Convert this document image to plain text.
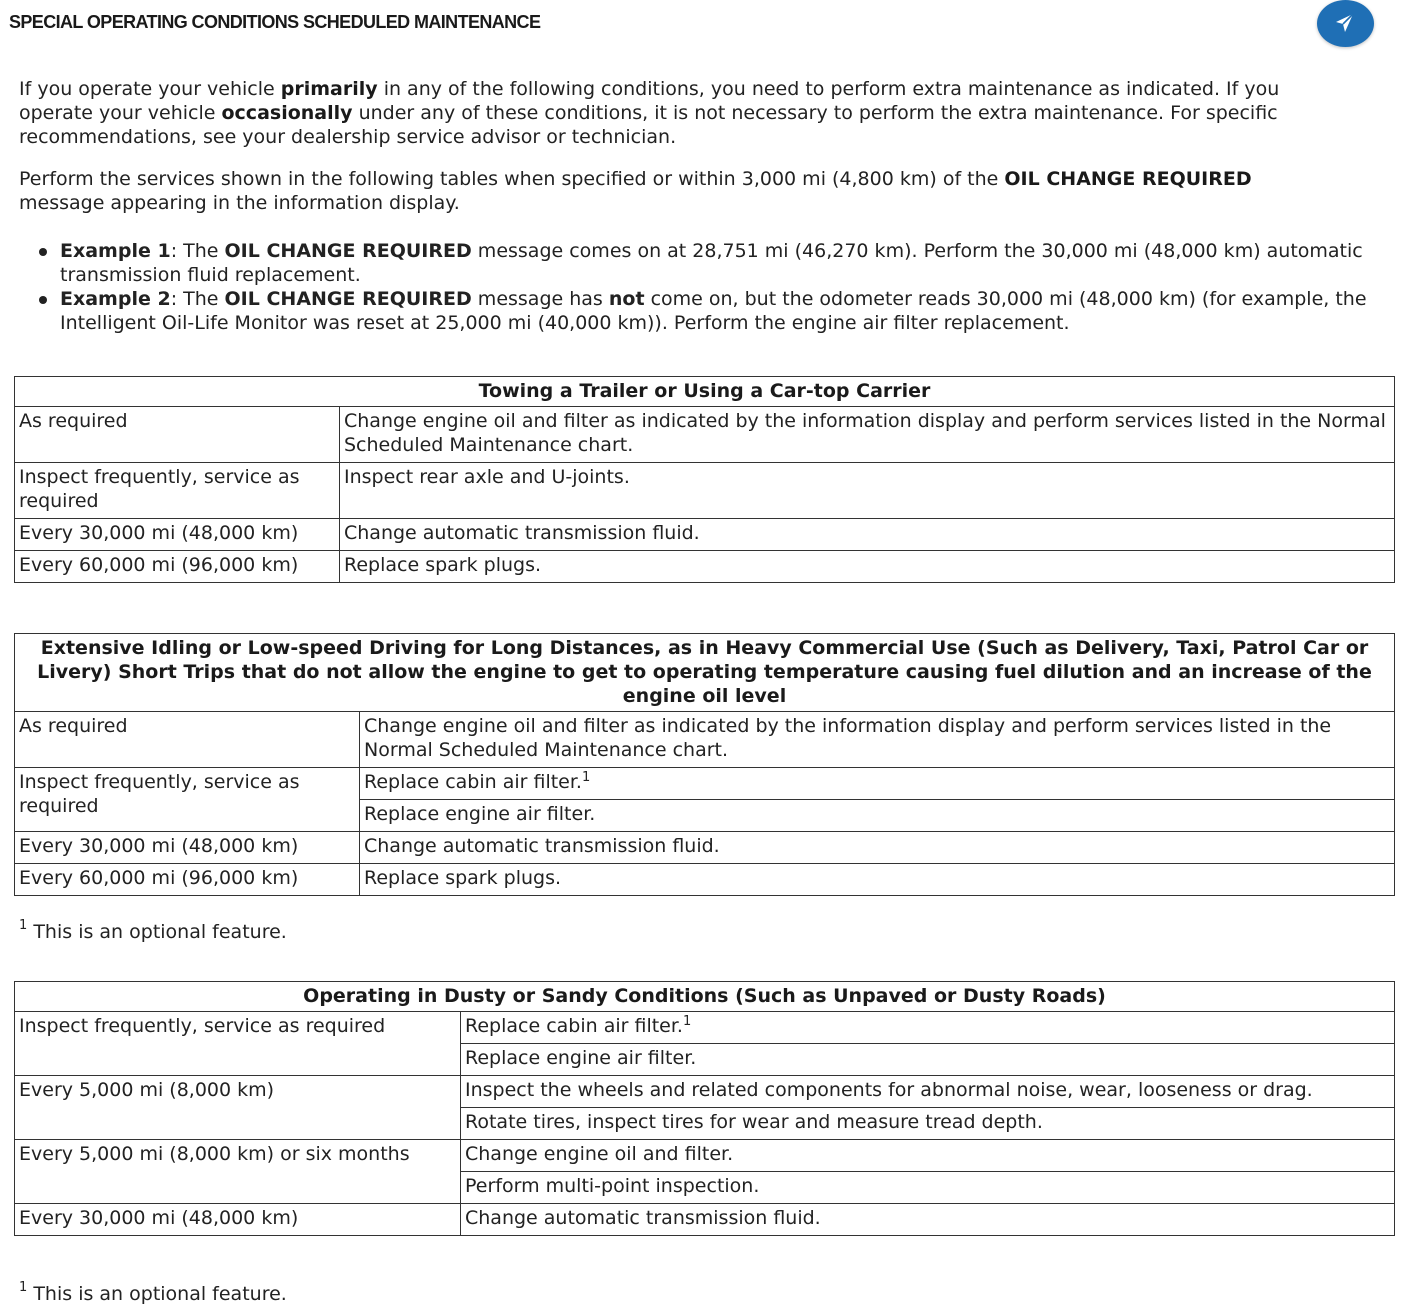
SPECIAL OPERATING CONDITIONS SCHEDULED MAINTENANCE

If you operate your vehicle primarily in any of the following conditions, you need to perform extra maintenance as indicated. If you operate your vehicle occasionally under any of these conditions, it is not necessary to perform the extra maintenance. For specific recommendations, see your dealership service advisor or technician.

Perform the services shown in the following tables when specified or within 3,000 mi (4,800 km) of the OIL CHANGE REQUIRED message appearing in the information display.

Example 1: The OIL CHANGE REQUIRED message comes on at 28,751 mi (46,270 km). Perform the 30,000 mi (48,000 km) automatic transmission fluid replacement.
Example 2: The OIL CHANGE REQUIRED message has not come on, but the odometer reads 30,000 mi (48,000 km) (for example, the Intelligent Oil-Life Monitor was reset at 25,000 mi (40,000 km)). Perform the engine air filter replacement.
Towing a Trailer or Using a Car-top Carrier	
As required	Change engine oil and filter as indicated by the information display and perform services listed in the Normal Scheduled Maintenance chart.
Inspect frequently, service as required	Inspect rear axle and U-joints.
Every 30,000 mi (48,000 km)	Change automatic transmission fluid.
Every 60,000 mi (96,000 km)	Replace spark plugs.
Extensive Idling or Low-speed Driving for Long Distances, as in Heavy Commercial Use (Such as Delivery, Taxi, Patrol Car or Livery) Short Trips that do not allow the engine to get to operating temperature causing fuel dilution and an increase of the engine oil level	
As required	Change engine oil and filter as indicated by the information display and perform services listed in the Normal Scheduled Maintenance chart.
Inspect frequently, service as required	Replace cabin air filter.$^1$
	Replace engine air filter.
Every 30,000 mi (48,000 km)	Change automatic transmission fluid.
Every 60,000 mi (96,000 km)	Replace spark plugs.

$^1$ This is an optional feature.

Operating in Dusty or Sandy Conditions (Such as Unpaved or Dusty Roads)	
Inspect frequently, service as required	Replace cabin air filter.$^1$
	Replace engine air filter.
Every 5,000 mi (8,000 km)	Inspect the wheels and related components for abnormal noise, wear, looseness or drag.
	Rotate tires, inspect tires for wear and measure tread depth.
Every 5,000 mi (8,000 km) or six months	Change engine oil and filter.
	Perform multi-point inspection.
Every 30,000 mi (48,000 km)	Change automatic transmission fluid.

$^1$ This is an optional feature.
